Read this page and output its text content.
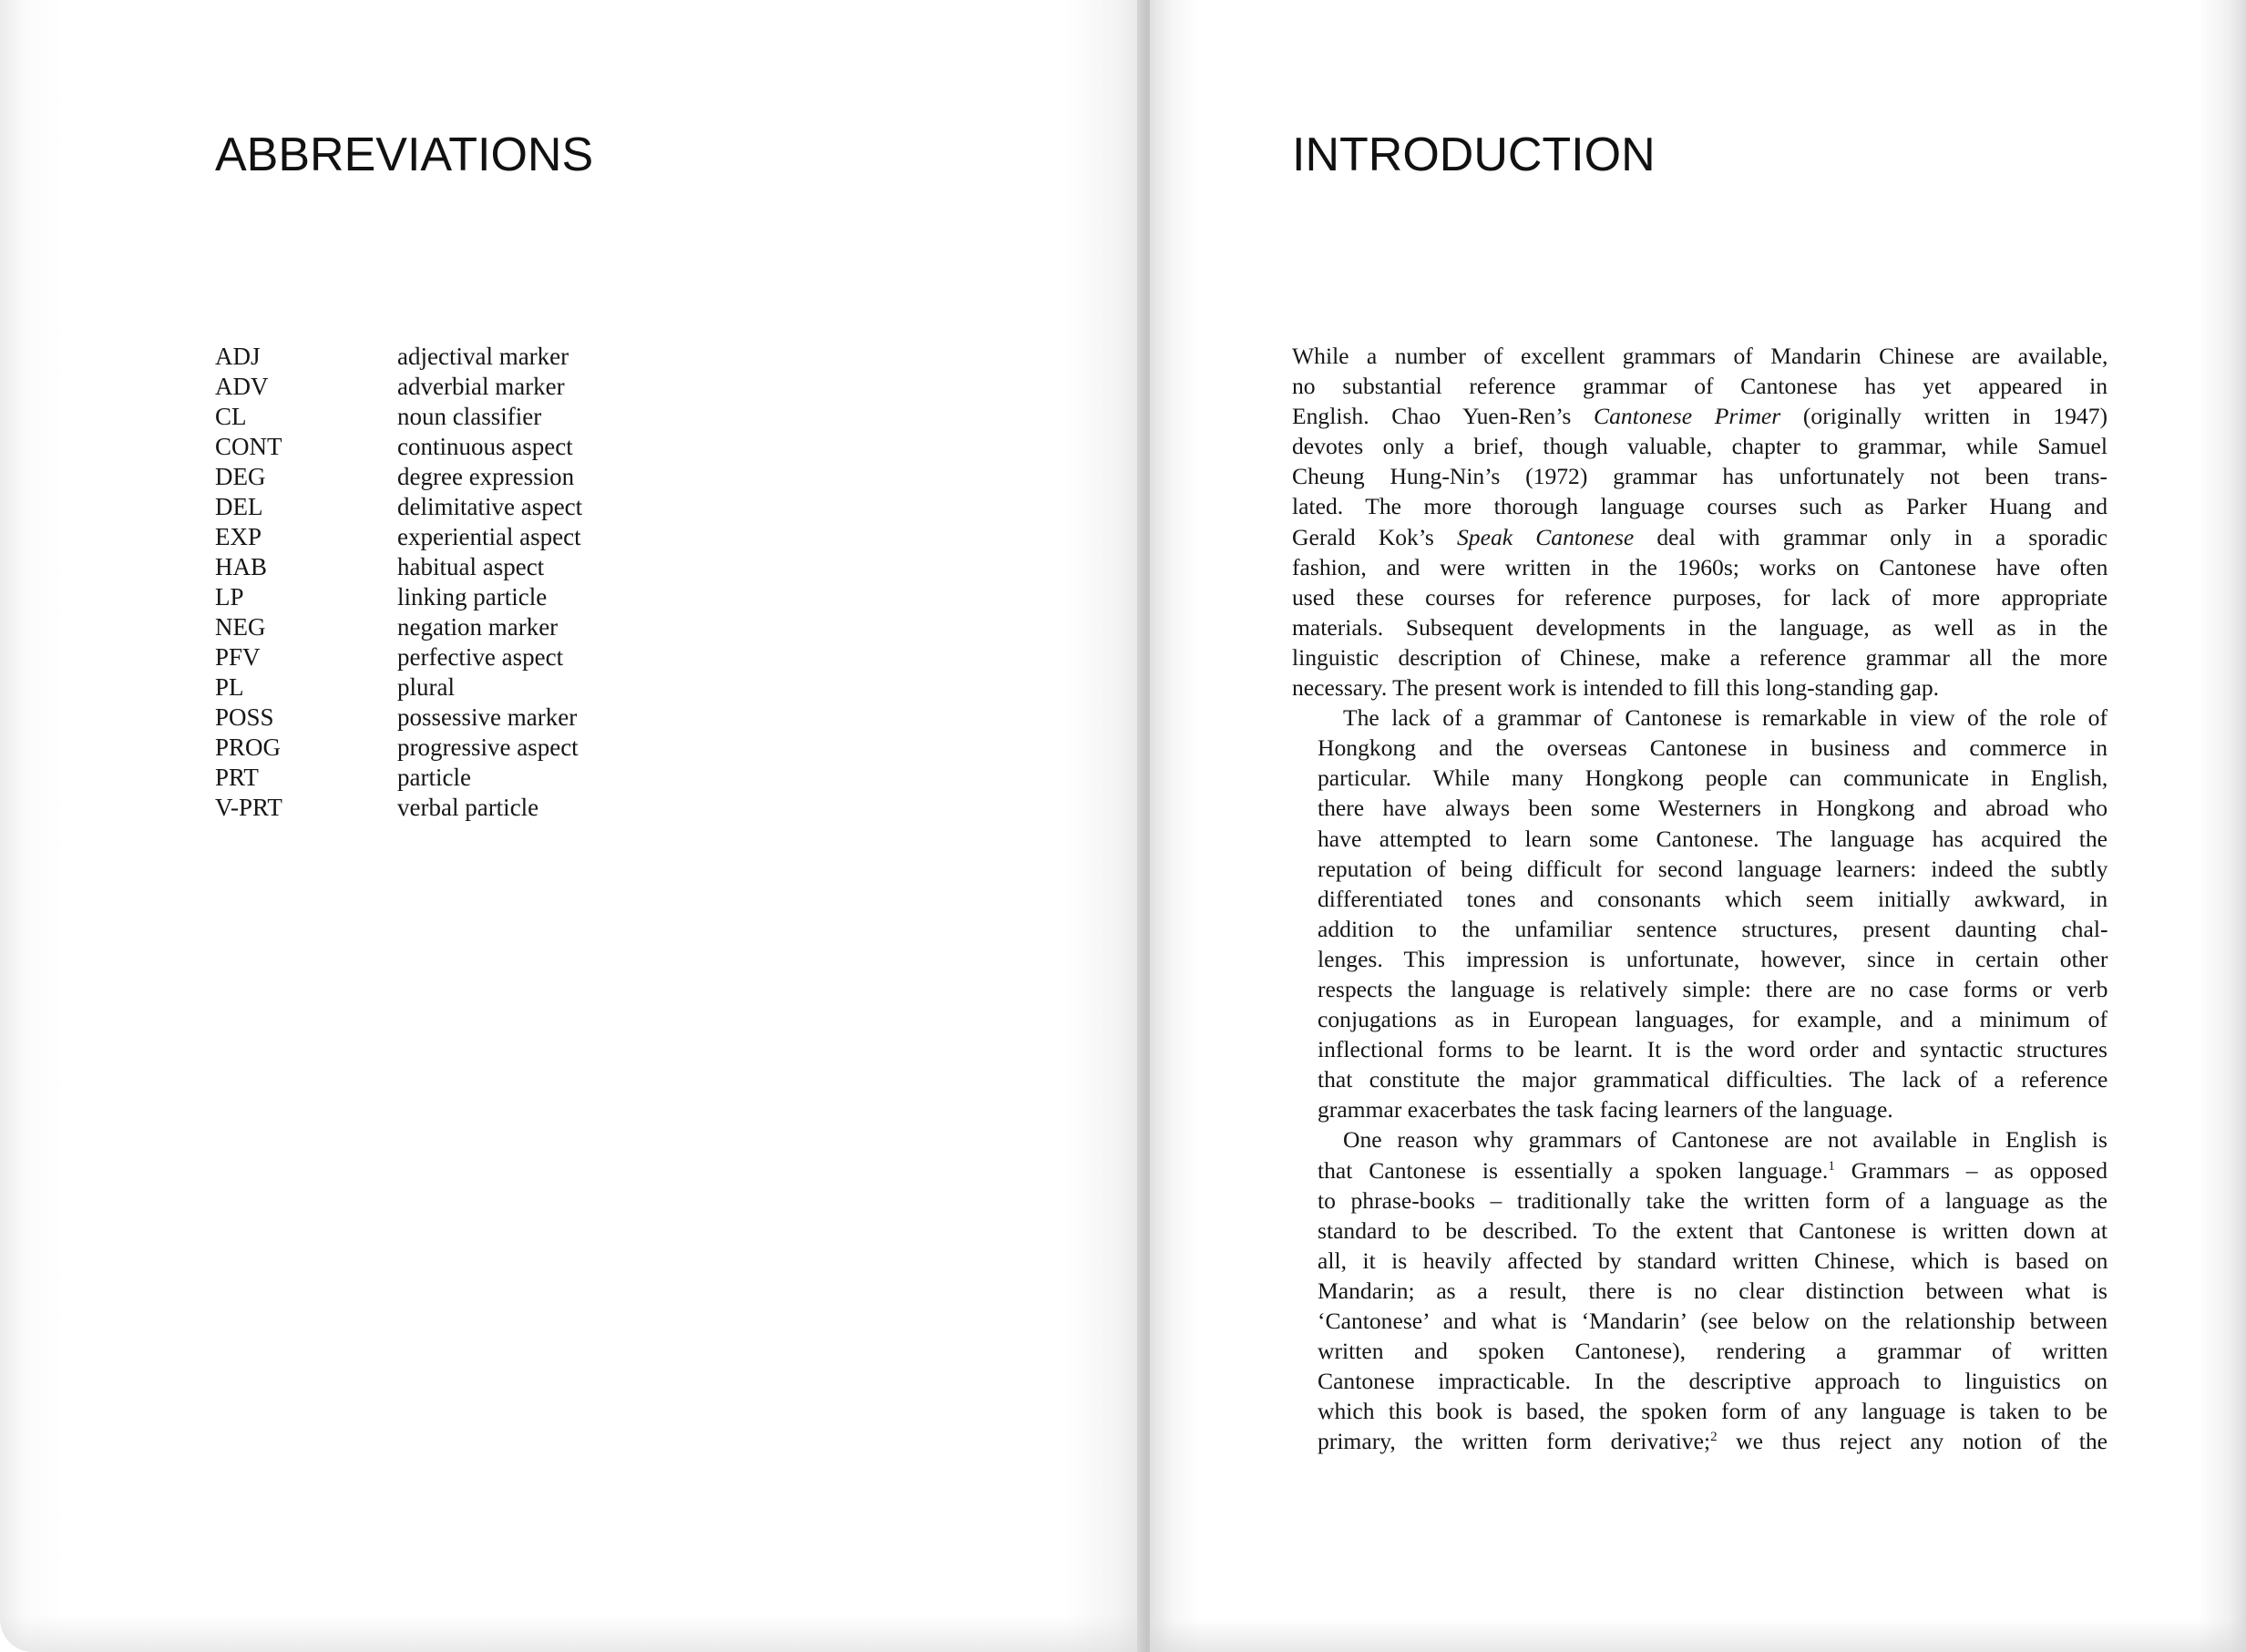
ABBREVIATIONS
ADJ	adjectival marker
ADV	adverbial marker
CL	noun classifier
CONT	continuous aspect
DEG	degree expression
DEL	delimitative aspect
EXP	experiential aspect
HAB	habitual aspect
LP	linking particle
NEG	negation marker
PFV	perfective aspect
PL	plural
POSS	possessive marker
PROG	progressive aspect
PRT	particle
V-PRT	verbal particle
INTRODUCTION

While a number of excellent grammars of Mandarin Chinese are available,
no substantial reference grammar of Cantonese has yet appeared in
English. Chao Yuen-Ren’s Cantonese Primer (originally written in 1947)
devotes only a brief, though valuable, chapter to grammar, while Samuel
Cheung Hung-Nin’s (1972) grammar has unfortunately not been trans-
lated. The more thorough language courses such as Parker Huang and
Gerald Kok’s Speak Cantonese deal with grammar only in a sporadic
fashion, and were written in the 1960s; works on Cantonese have often
used these courses for reference purposes, for lack of more appropriate
materials. Subsequent developments in the language, as well as in the
linguistic description of Chinese, make a reference grammar all the more
necessary. The present work is intended to fill this long-standing gap.

The lack of a grammar of Cantonese is remarkable in view of the role of
Hongkong and the overseas Cantonese in business and commerce in
particular. While many Hongkong people can communicate in English,
there have always been some Westerners in Hongkong and abroad who
have attempted to learn some Cantonese. The language has acquired the
reputation of being difficult for second language learners: indeed the subtly
differentiated tones and consonants which seem initially awkward, in
addition to the unfamiliar sentence structures, present daunting chal-
lenges. This impression is unfortunate, however, since in certain other
respects the language is relatively simple: there are no case forms or verb
conjugations as in European languages, for example, and a minimum of
inflectional forms to be learnt. It is the word order and syntactic structures
that constitute the major grammatical difficulties. The lack of a reference
grammar exacerbates the task facing learners of the language.

One reason why grammars of Cantonese are not available in English is
that Cantonese is essentially a spoken language.$^1$ Grammars – as opposed
to phrase-books – traditionally take the written form of a language as the
standard to be described. To the extent that Cantonese is written down at
all, it is heavily affected by standard written Chinese, which is based on
Mandarin; as a result, there is no clear distinction between what is
‘Cantonese’ and what is ‘Mandarin’ (see below on the relationship between
written and spoken Cantonese), rendering a grammar of written
Cantonese impracticable. In the descriptive approach to linguistics on
which this book is based, the spoken form of any language is taken to be
primary, the written form derivative;$^2$ we thus reject any notion of the
